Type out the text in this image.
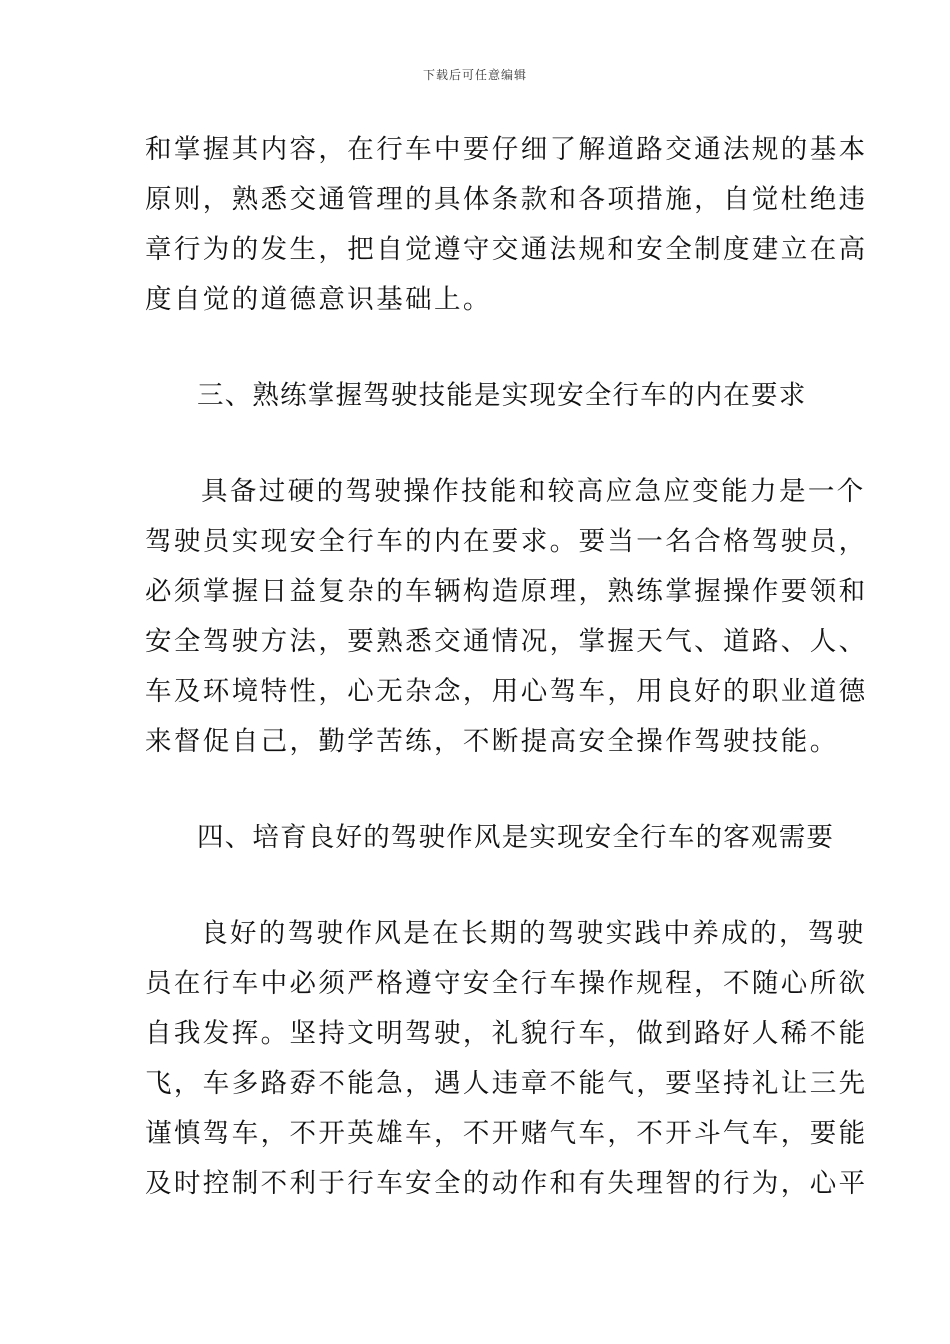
下载后可任意编辑
和掌握其内容，在行车中要仔细了解道路交通法规的基本
原则，熟悉交通管理的具体条款和各项措施，自觉杜绝违
章行为的发生，把自觉遵守交通法规和安全制度建立在高
度自觉的道德意识基础上。
三、熟练掌握驾驶技能是实现安全行车的内在要求
具备过硬的驾驶操作技能和较高应急应变能力是一个
驾驶员实现安全行车的内在要求。要当一名合格驾驶员，
必须掌握日益复杂的车辆构造原理，熟练掌握操作要领和
安全驾驶方法，要熟悉交通情况，掌握天气、道路、人、
车及环境特性，心无杂念，用心驾车，用良好的职业道德
来督促自己，勤学苦练，不断提高安全操作驾驶技能。
四、培育良好的驾驶作风是实现安全行车的客观需要
良好的驾驶作风是在长期的驾驶实践中养成的，驾驶
员在行车中必须严格遵守安全行车操作规程，不随心所欲
自我发挥。坚持文明驾驶，礼貌行车，做到路好人稀不能
飞，车多路孬不能急，遇人违章不能气，要坚持礼让三先
谨慎驾车，不开英雄车，不开赌气车，不开斗气车，要能
及时控制不利于行车安全的动作和有失理智的行为，心平
